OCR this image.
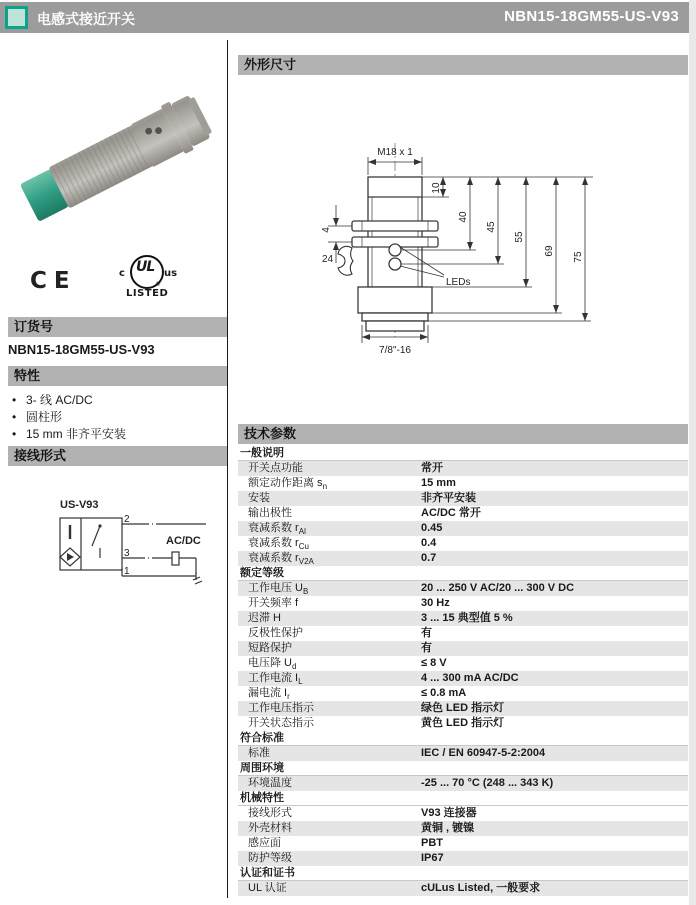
电感式接近开关	NBN15-18GM55-US-V93
CE	c UL
®
us
LISTED
订货号
NBN15-18GM55-US-V93
特性
• 3- 线 AC/DC
• 圆柱形
• 15 mm 非齐平安装
接线形式
US-V93
2
3
1
AC/DC
外形尺寸
M18 x 1
7/8"-16
LEDs
24
4
10
40
45
55
69
75
技术参数
一般说明
开关点功能	常开
额定动作距离 $s_n$	15 mm
安装	非齐平安装
输出极性	AC/DC 常开
衰减系数 $r_{Al}$	0.45
衰减系数 $r_{Cu}$	0.4
衰减系数 $r_{V2A}$	0.7
额定等级
工作电压 $U_B$	20 ... 250 V AC/20 ... 300 V DC
开关频率 f	30 Hz
迟滞 H	3 ... 15 典型值 5 %
反极性保护	有
短路保护	有
电压降 $U_d$	≤ 8 V
工作电流 $I_L$	4 ... 300 mA AC/DC
漏电流 $I_r$	≤ 0.8 mA
工作电压指示	绿色 LED 指示灯
开关状态指示	黄色 LED 指示灯
符合标准
标准	IEC / EN 60947-5-2:2004
周围环境
环境温度	-25 ... 70 °C (248 ... 343 K)
机械特性
接线形式	V93 连接器
外壳材料	黄铜 , 镀镍
感应面	PBT
防护等级	IP67
认证和证书
UL 认证	cULus Listed, 一般要求
